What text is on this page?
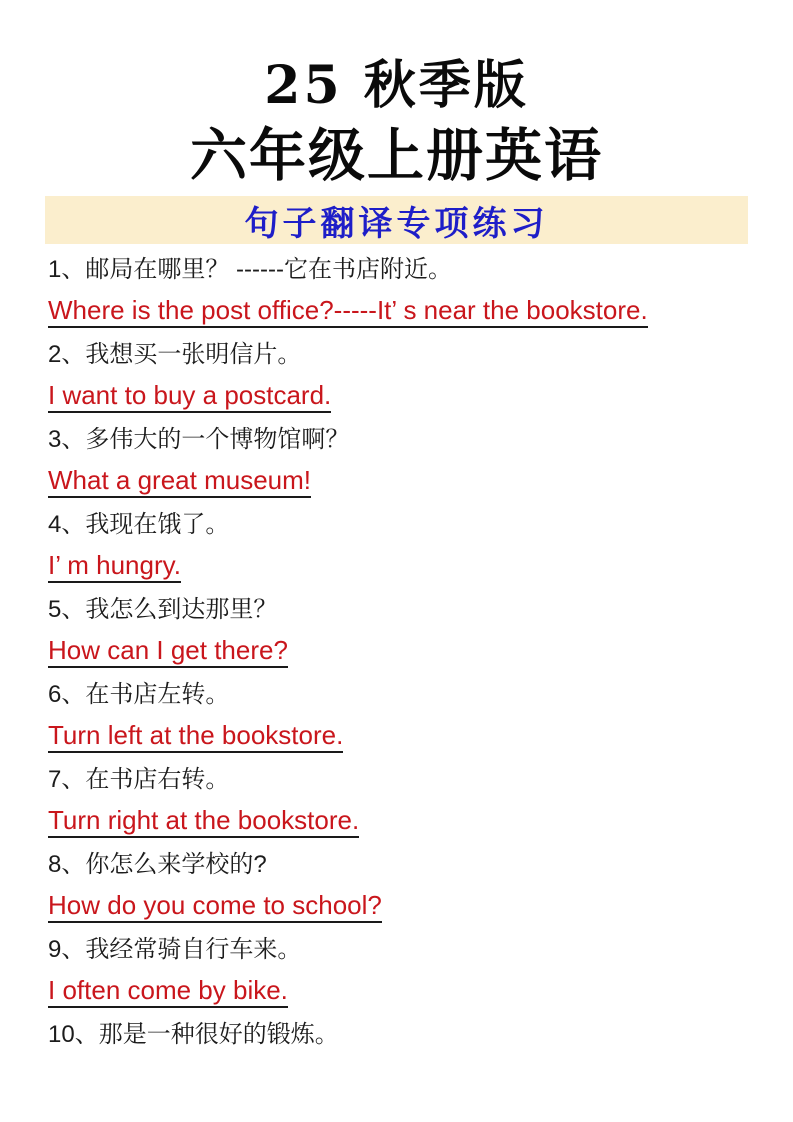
25 秋季版
六年级上册英语
句子翻译专项练习
1、邮局在哪里？ ------它在书店附近。
Where is the post office?-----It’ s near the bookstore.
2、我想买一张明信片。
I want to buy a postcard.
3、多伟大的一个博物馆啊？
What a great museum!
4、我现在饿了。
I’ m hungry.
5、我怎么到达那里？
How can I get there?
6、在书店左转。
Turn left at the bookstore.
7、在书店右转。
Turn right at the bookstore.
8、你怎么来学校的?
How do you come to school?
9、我经常骑自行车来。
I often come by bike.
10、那是一种很好的锻炼。
